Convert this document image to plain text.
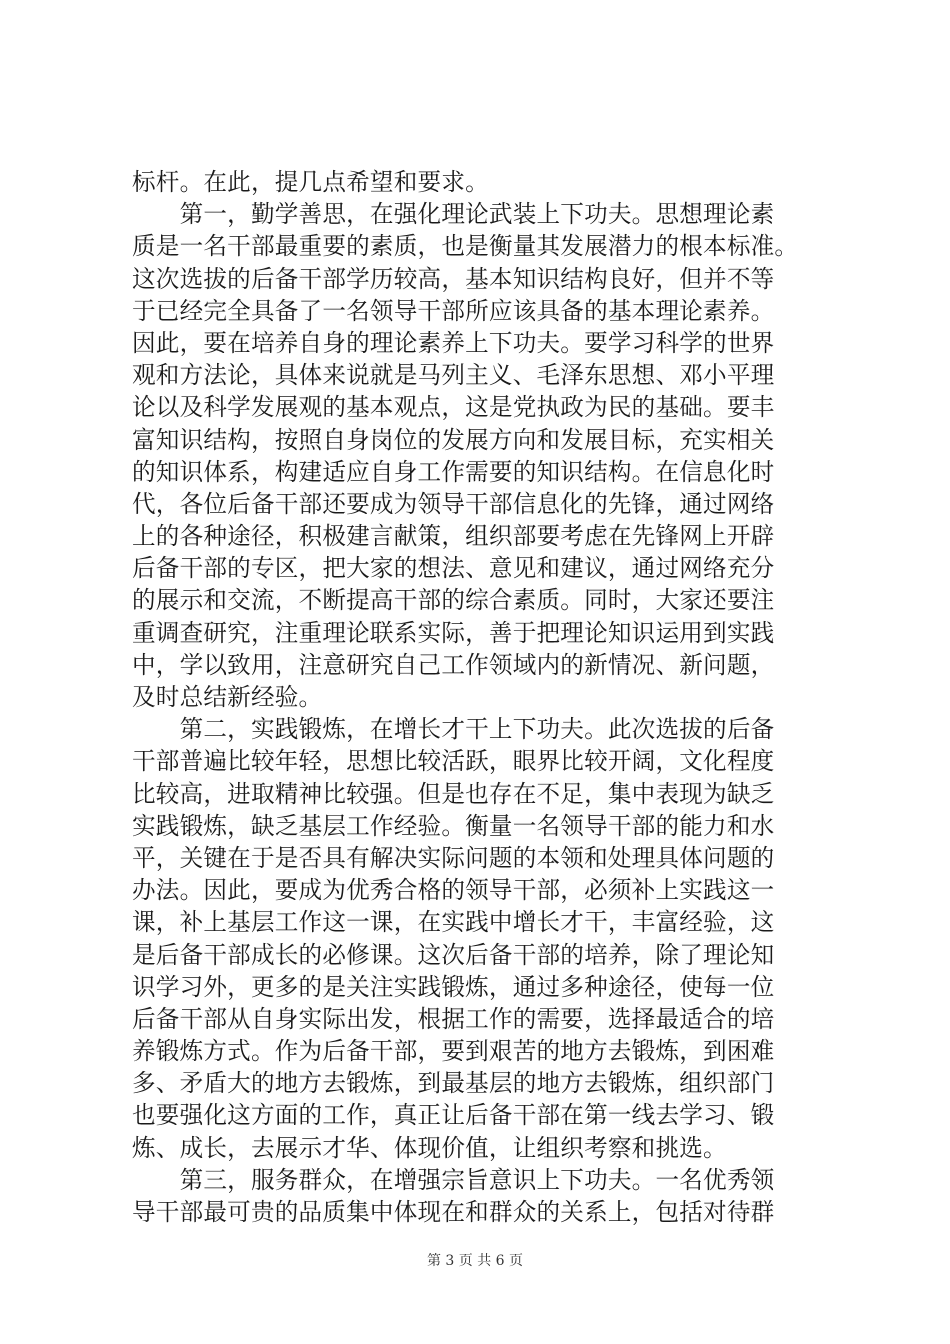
标杆。在此，提几点希望和要求。
　　第一，勤学善思，在强化理论武装上下功夫。思想理论素
质是一名干部最重要的素质，也是衡量其发展潜力的根本标准。
这次选拔的后备干部学历较高，基本知识结构良好，但并不等
于已经完全具备了一名领导干部所应该具备的基本理论素养。
因此，要在培养自身的理论素养上下功夫。要学习科学的世界
观和方法论，具体来说就是马列主义、毛泽东思想、邓小平理
论以及科学发展观的基本观点，这是党执政为民的基础。要丰
富知识结构，按照自身岗位的发展方向和发展目标，充实相关
的知识体系，构建适应自身工作需要的知识结构。在信息化时
代，各位后备干部还要成为领导干部信息化的先锋，通过网络
上的各种途径，积极建言献策，组织部要考虑在先锋网上开辟
后备干部的专区，把大家的想法、意见和建议，通过网络充分
的展示和交流，不断提高干部的综合素质。同时，大家还要注
重调查研究，注重理论联系实际，善于把理论知识运用到实践
中，学以致用，注意研究自己工作领域内的新情况、新问题，
及时总结新经验。
　　第二，实践锻炼，在增长才干上下功夫。此次选拔的后备
干部普遍比较年轻，思想比较活跃，眼界比较开阔，文化程度
比较高，进取精神比较强。但是也存在不足，集中表现为缺乏
实践锻炼，缺乏基层工作经验。衡量一名领导干部的能力和水
平，关键在于是否具有解决实际问题的本领和处理具体问题的
办法。因此，要成为优秀合格的领导干部，必须补上实践这一
课，补上基层工作这一课，在实践中增长才干，丰富经验，这
是后备干部成长的必修课。这次后备干部的培养，除了理论知
识学习外，更多的是关注实践锻炼，通过多种途径，使每一位
后备干部从自身实际出发，根据工作的需要，选择最适合的培
养锻炼方式。作为后备干部，要到艰苦的地方去锻炼，到困难
多、矛盾大的地方去锻炼，到最基层的地方去锻炼，组织部门
也要强化这方面的工作，真正让后备干部在第一线去学习、锻
炼、成长，去展示才华、体现价值，让组织考察和挑选。
　　第三，服务群众，在增强宗旨意识上下功夫。一名优秀领
导干部最可贵的品质集中体现在和群众的关系上，包括对待群
第 3 页 共 6 页
